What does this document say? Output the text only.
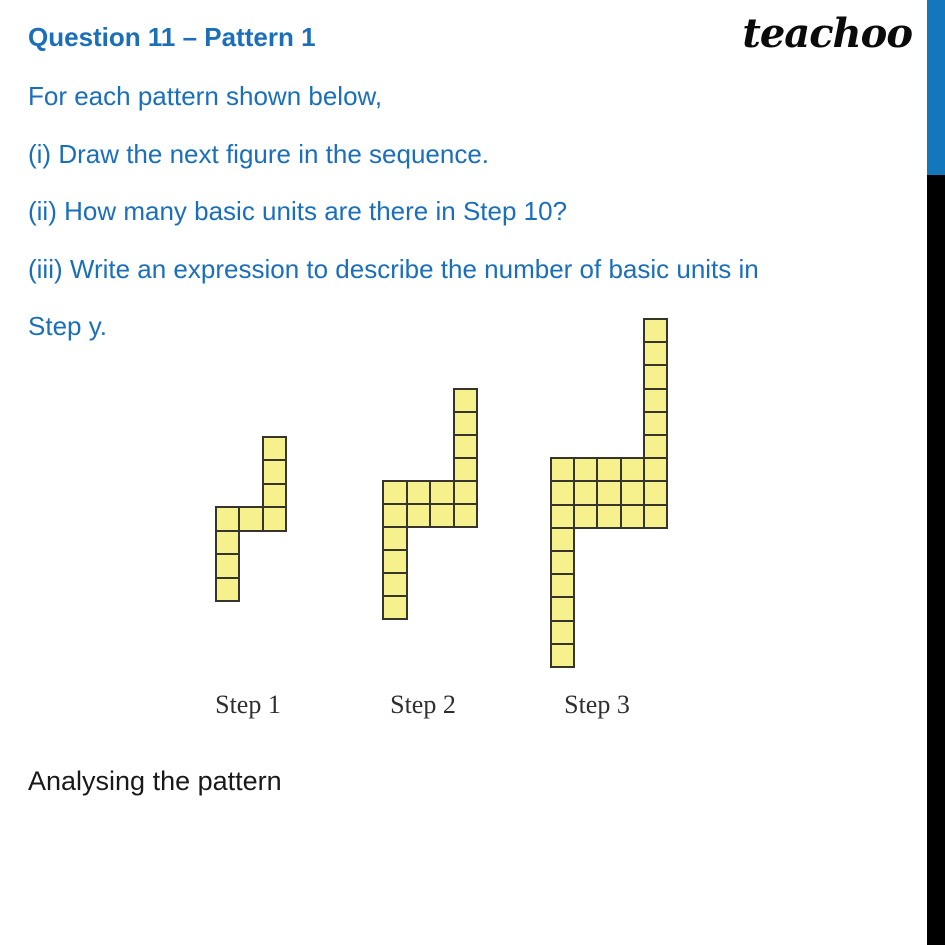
teachoo
Question 11 – Pattern 1
For each pattern shown below,
(i) Draw the next figure in the sequence.
(ii) How many basic units are there in Step 10?
(iii) Write an expression to describe the number of basic units in
Step y.
Step 1	Step 2	Step 3
Analysing the pattern
